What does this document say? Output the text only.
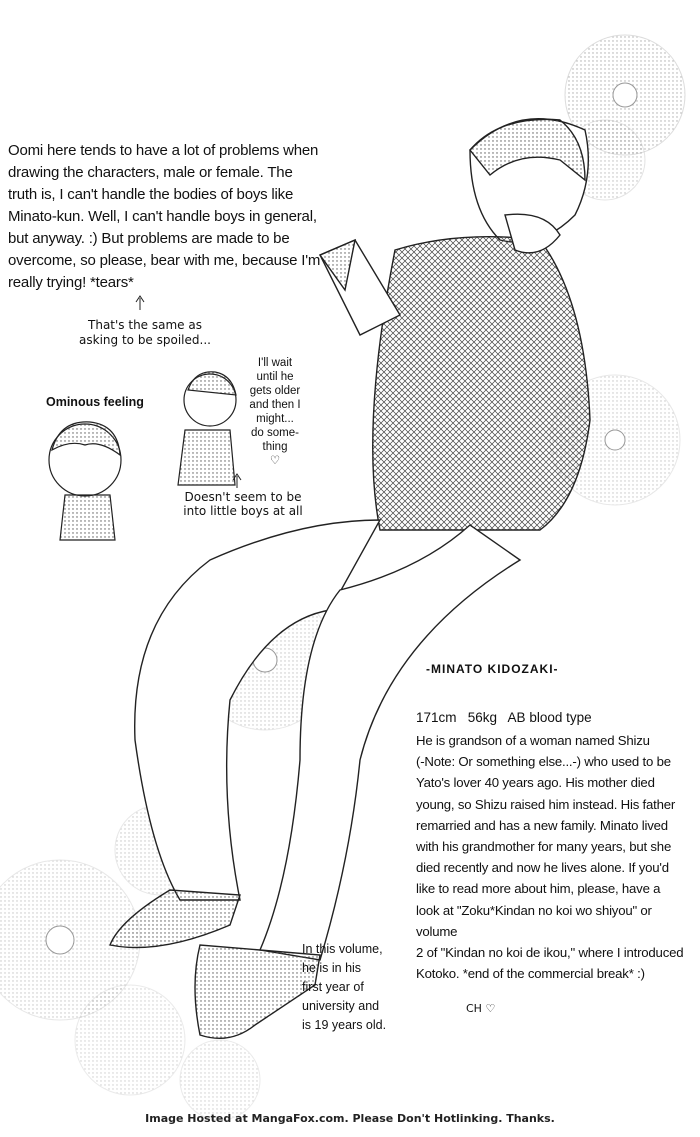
Oomi here tends to have a lot of problems when
drawing the characters, male or female. The
truth is, I can't handle the bodies of boys like
Minato-kun. Well, I can't handle boys in general,
but anyway. :) But problems are made to be
overcome, so please, bear with me, because I'm
really trying! *tears*
That's the same as
asking to be spoiled...
Ominous feeling
I'll wait
until he
gets older
and then I
might...
do some-
thing
♡
Doesn't seem to be
into little boys at all
-MINATO KIDOZAKI-
171cm   56kg   AB blood type
He is grandson of a woman named Shizu
(-Note: Or something else...-) who used to be
Yato's lover 40 years ago. His mother died
young, so Shizu raised him instead. His father
remarried and has a new family. Minato lived
with his grandmother for many years, but she
died recently and now he lives alone. If you'd
like to read more about him, please, have a
look at "Zoku*Kindan no koi wo shiyou" or volume
2 of "Kindan no koi de ikou," where I introduced
Kotoko. *end of the commercial break* :)
In this volume,
he is in his
first year of
university and
is 19 years old.
CH ♡
Image Hosted at MangaFox.com. Please Don't Hotlinking. Thanks.
